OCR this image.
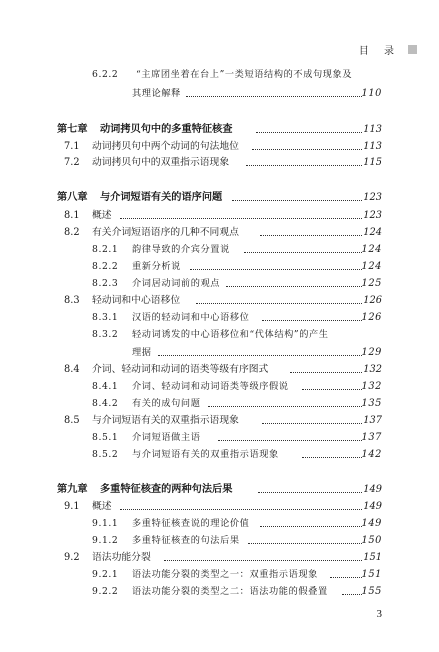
目 录
6.2.2 “主席团坐着在台上”一类短语结构的不成句现象及
其理论解释	110
第七章 动词拷贝句中的多重特征核查	113
7.1 动词拷贝句中两个动词的句法地位	113
7.2 动词拷贝句中的双重指示语现象	115
第八章 与介词短语有关的语序问题	123
8.1 概述	123
8.2 有关介词短语语序的几种不同观点	124
8.2.1 韵律导致的介宾分置说	124
8.2.2 重新分析说	124
8.2.3 介词居动词前的观点	125
8.3 轻动词和中心语移位	126
8.3.1 汉语的轻动词和中心语移位	126
8.3.2 轻动词诱发的中心语移位和“代体结构”的产生
理据	129
8.4 介词、轻动词和动词的语类等级有序图式	132
8.4.1 介词、轻动词和动词语类等级序假说	132
8.4.2 有关的成句问题	135
8.5 与介词短语有关的双重指示语现象	137
8.5.1 介词短语做主语	137
8.5.2 与介词短语有关的双重指示语现象	142
第九章 多重特征核查的两种句法后果	149
9.1 概述	149
9.1.1 多重特征核查说的理论价值	149
9.1.2 多重特征核查的句法后果	150
9.2 语法功能分裂	151
9.2.1 语法功能分裂的类型之一：双重指示语现象	151
9.2.2 语法功能分裂的类型之二：语法功能的假叠置	155
3
